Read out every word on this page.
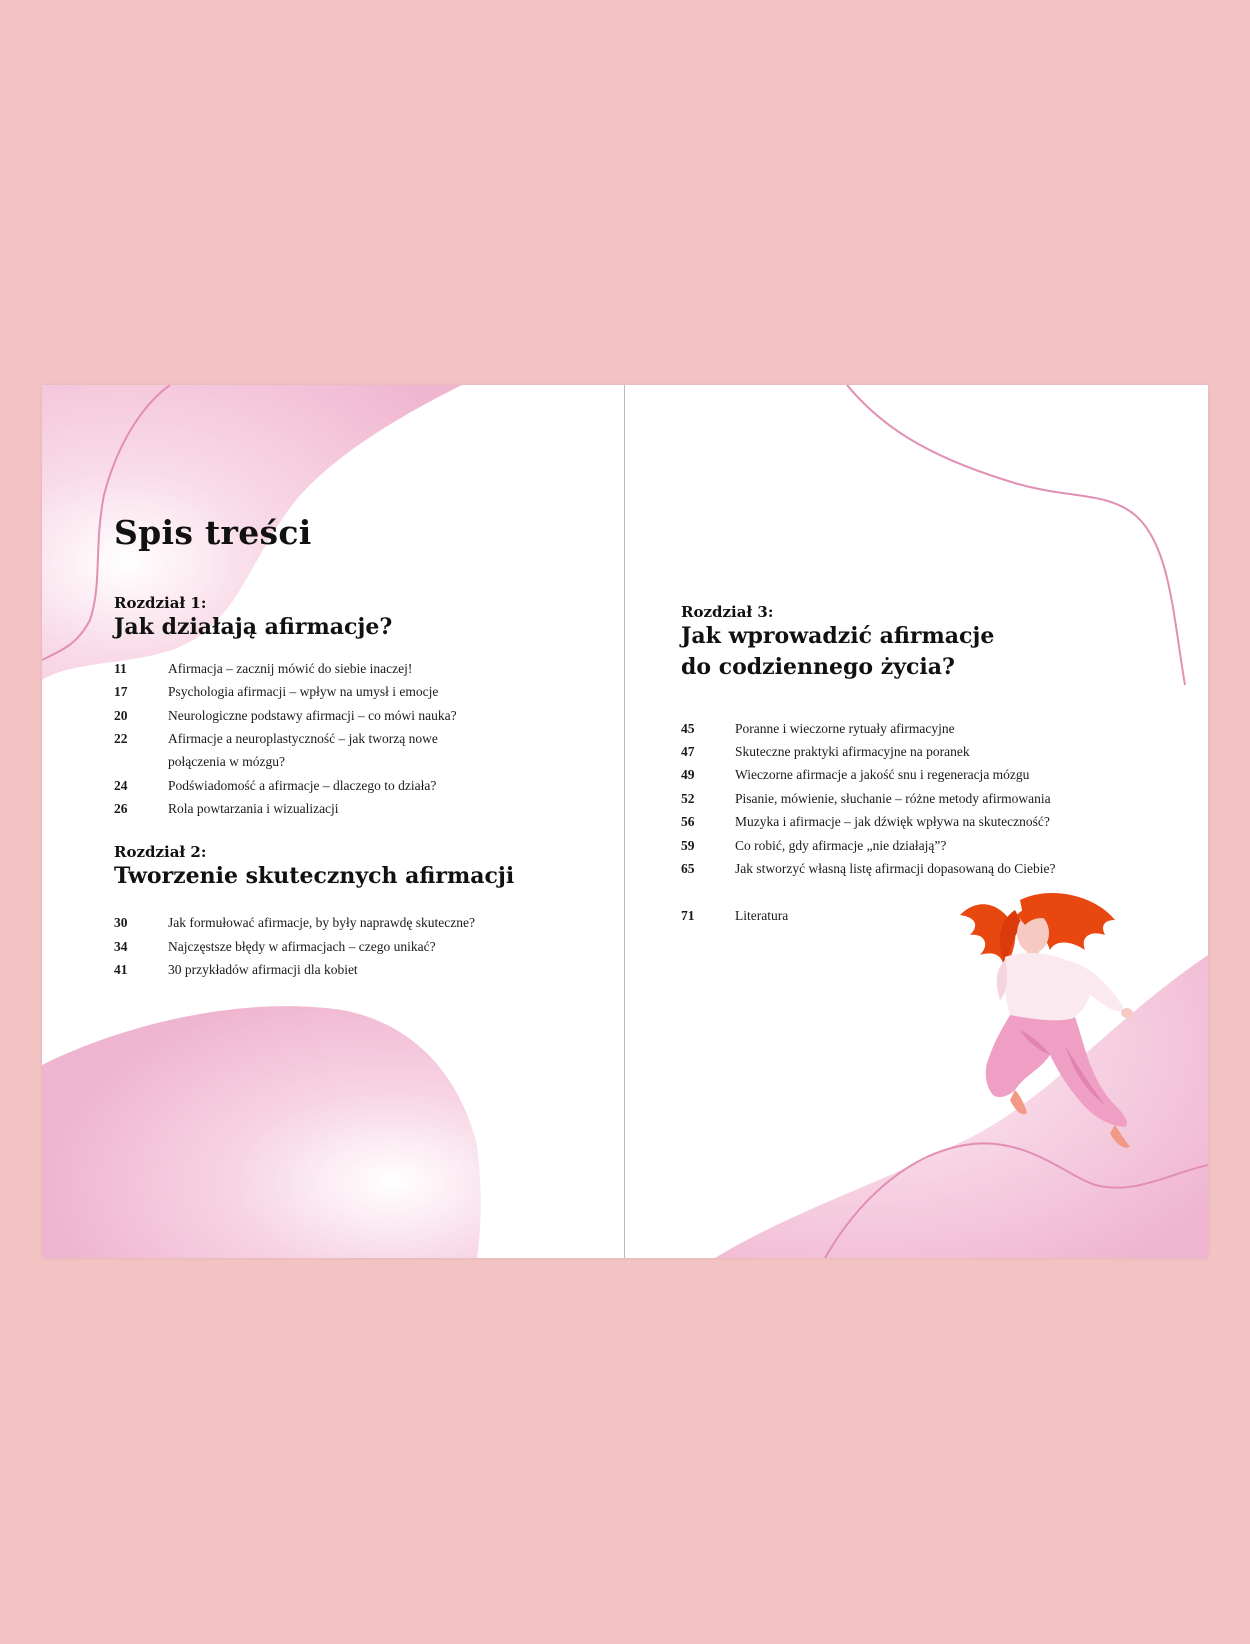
Spis treści

Rozdział 1:

Jak działają afirmacje?
11	Afirmacja – zacznij mówić do siebie inaczej!
17	Psychologia afirmacji – wpływ na umysł i emocje
20	Neurologiczne podstawy afirmacji – co mówi nauka?
22	Afirmacje a neuroplastyczność – jak tworzą nowe połączenia w mózgu?
24	Podświadomość a afirmacje – dlaczego to działa?
26	Rola powtarzania i wizualizacji

Rozdział 2:

Tworzenie skutecznych afirmacji
30	Jak formułować afirmacje, by były naprawdę skuteczne?
34	Najczęstsze błędy w afirmacjach – czego unikać?
41	30 przykładów afirmacji dla kobiet

Rozdział 3:

Jak wprowadzić afirmacje
do codziennego życia?
45	Poranne i wieczorne rytuały afirmacyjne
47	Skuteczne praktyki afirmacyjne na poranek
49	Wieczorne afirmacje a jakość snu i regeneracja mózgu
52	Pisanie, mówienie, słuchanie – różne metody afirmowania
56	Muzyka i afirmacje – jak dźwięk wpływa na skuteczność?
59	Co robić, gdy afirmacje „nie działają”?
65	Jak stworzyć własną listę afirmacji dopasowaną do Ciebie?
71	Literatura
